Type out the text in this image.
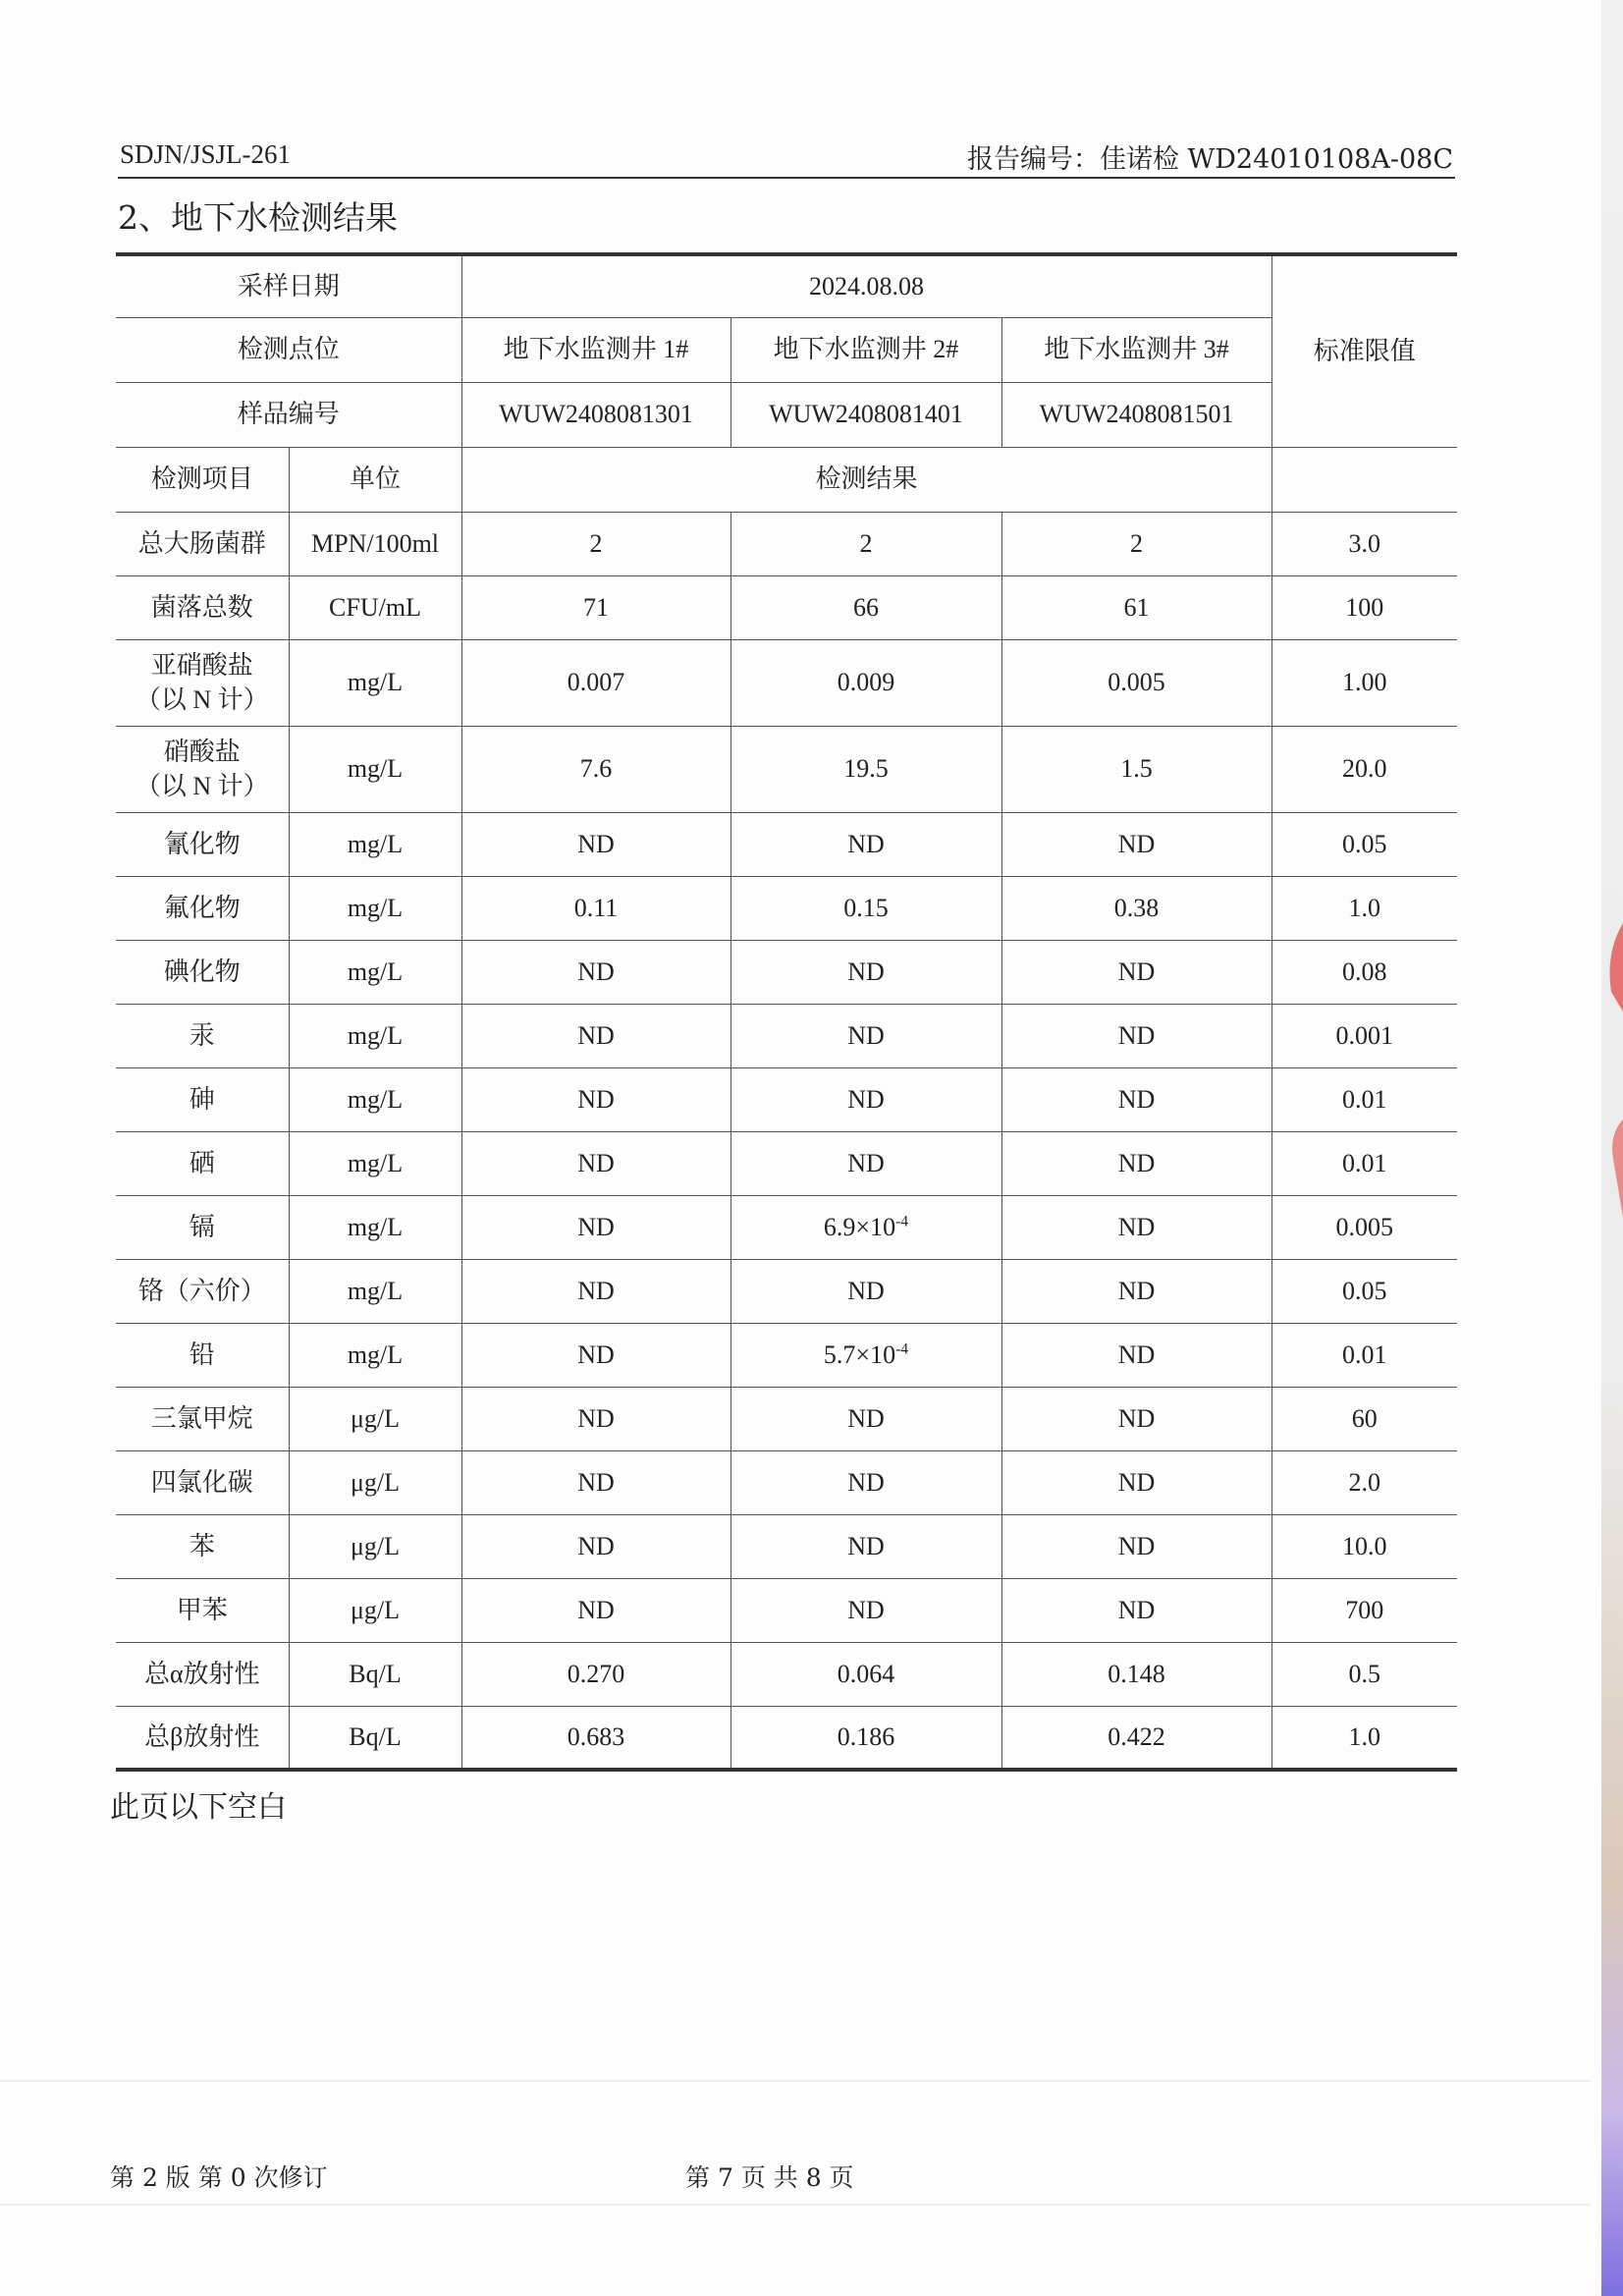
SDJN/JSJL-261	报告编号：佳诺检 WD24010108A-08C
2、地下水检测结果
采样日期		2024.08.08			标准限值
检测点位		地下水监测井 1#	地下水监测井 2#	地下水监测井 3#	
样品编号		WUW2408081301	WUW2408081401	WUW2408081501	
检测项目	单位	检测结果			

总大肠菌群	MPN/100ml	2	2	2	3.0

菌落总数	CFU/mL	71	66	61	100

亚硝酸盐
（以 N 计）	mg/L	0.007	0.009	0.005	1.00

硝酸盐
（以 N 计）	mg/L	7.6	19.5	1.5	20.0

氰化物	mg/L	ND	ND	ND	0.05

氟化物	mg/L	0.11	0.15	0.38	1.0

碘化物	mg/L	ND	ND	ND	0.08

汞	mg/L	ND	ND	ND	0.001

砷	mg/L	ND	ND	ND	0.01

硒	mg/L	ND	ND	ND	0.01

镉	mg/L	ND	$6.9\times 10^{-4}$	ND	0.005

铬（六价）	mg/L	ND	ND	ND	0.05

铅	mg/L	ND	$5.7\times 10^{-4}$	ND	0.01

三氯甲烷	μg/L	ND	ND	ND	60

四氯化碳	μg/L	ND	ND	ND	2.0

苯	μg/L	ND	ND	ND	10.0

甲苯	μg/L	ND	ND	ND	700

总α放射性	Bq/L	0.270	0.064	0.148	0.5

总β放射性	Bq/L	0.683	0.186	0.422	1.0
此页以下空白
第 2 版 第 0 次修订	第 7 页 共 8 页
